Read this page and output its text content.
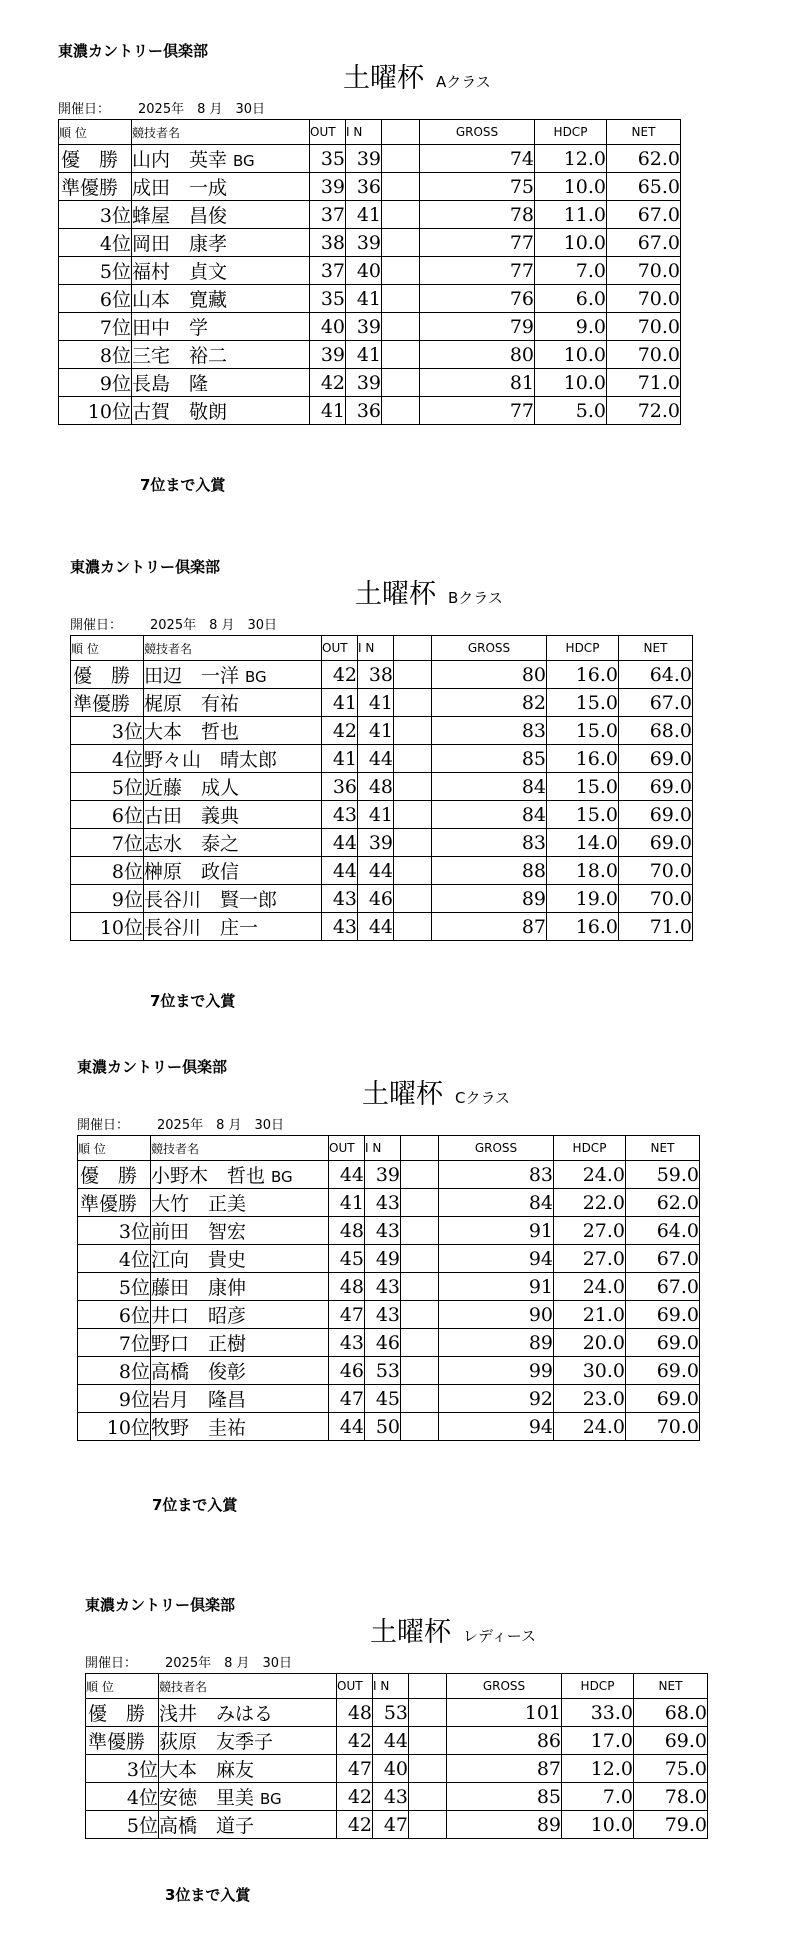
東濃カントリー倶楽部
土曜杯 Aクラス
開催日： 2025年　8 月　30日
順 位	競技者名	OUT	I N		GROSS	HDCP	NET
優　勝	山内　英幸 BG	35	39		74	12.0	62.0
準優勝	成田　一成	39	36		75	10.0	65.0
3位	蜂屋　昌俊	37	41		78	11.0	67.0
4位	岡田　康孝	38	39		77	10.0	67.0
5位	福村　貞文	37	40		77	7.0	70.0
6位	山本　寛藏	35	41		76	6.0	70.0
7位	田中　学	40	39		79	9.0	70.0
8位	三宅　裕二	39	41		80	10.0	70.0
9位	長島　隆	42	39		81	10.0	71.0
10位	古賀　敬朗	41	36		77	5.0	72.0
7位まで入賞
東濃カントリー倶楽部
土曜杯 Bクラス
開催日： 2025年　8 月　30日
順 位	競技者名	OUT	I N		GROSS	HDCP	NET
優　勝	田辺　一洋 BG	42	38		80	16.0	64.0
準優勝	梶原　有祐	41	41		82	15.0	67.0
3位	大本　哲也	42	41		83	15.0	68.0
4位	野々山　晴太郎	41	44		85	16.0	69.0
5位	近藤　成人	36	48		84	15.0	69.0
6位	古田　義典	43	41		84	15.0	69.0
7位	志水　泰之	44	39		83	14.0	69.0
8位	榊原　政信	44	44		88	18.0	70.0
9位	長谷川　賢一郎	43	46		89	19.0	70.0
10位	長谷川　庄一	43	44		87	16.0	71.0
7位まで入賞
東濃カントリー倶楽部
土曜杯 Cクラス
開催日： 2025年　8 月　30日
順 位	競技者名	OUT	I N		GROSS	HDCP	NET
優　勝	小野木　哲也 BG	44	39		83	24.0	59.0
準優勝	大竹　正美	41	43		84	22.0	62.0
3位	前田　智宏	48	43		91	27.0	64.0
4位	江向　貴史	45	49		94	27.0	67.0
5位	藤田　康伸	48	43		91	24.0	67.0
6位	井口　昭彦	47	43		90	21.0	69.0
7位	野口　正樹	43	46		89	20.0	69.0
8位	高橋　俊彰	46	53		99	30.0	69.0
9位	岩月　隆昌	47	45		92	23.0	69.0
10位	牧野　圭祐	44	50		94	24.0	70.0
7位まで入賞
東濃カントリー倶楽部
土曜杯 レディース
開催日： 2025年　8 月　30日
順 位	競技者名	OUT	I N		GROSS	HDCP	NET
優　勝	浅井　みはる	48	53		101	33.0	68.0
準優勝	荻原　友季子	42	44		86	17.0	69.0
3位	大本　麻友	47	40		87	12.0	75.0
4位	安徳　里美 BG	42	43		85	7.0	78.0
5位	高橋　道子	42	47		89	10.0	79.0
3位まで入賞
